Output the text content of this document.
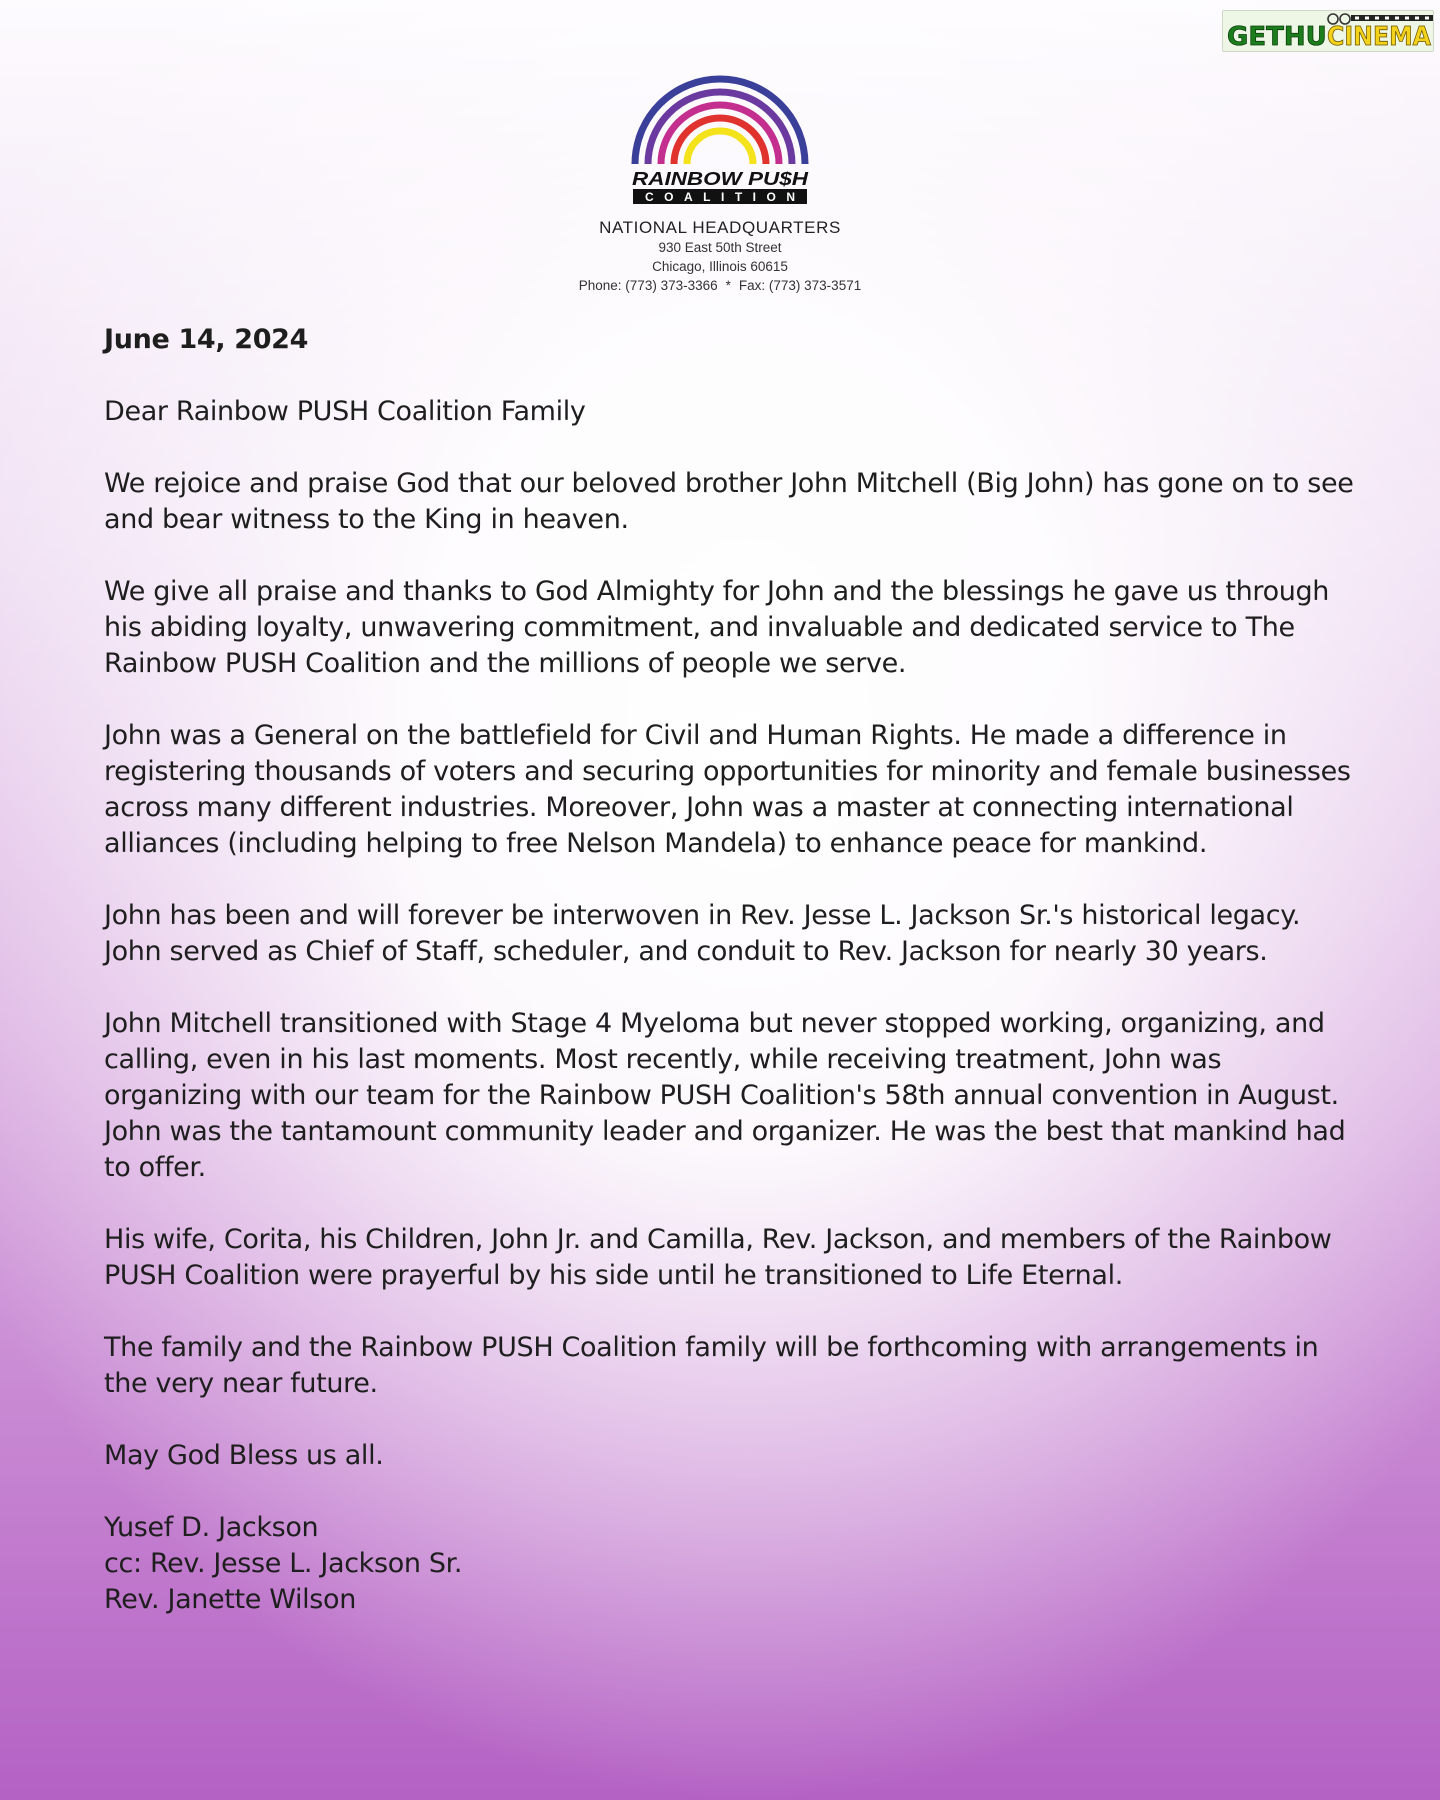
GETHU CINEMA
RAINBOW PU$H
COALITION
NATIONAL HEADQUARTERS
930 East 50th Street
Chicago, Illinois 60615
Phone: (773) 373-3366 * Fax: (773) 373-3571
June 14, 2024

Dear Rainbow PUSH Coalition Family

We rejoice and praise God that our beloved brother John Mitchell (Big John) has gone on to see and bear witness to the King in heaven.

We give all praise and thanks to God Almighty for John and the blessings he gave us through his abiding loyalty, unwavering commitment, and invaluable and dedicated service to The Rainbow PUSH Coalition and the millions of people we serve.

John was a General on the battlefield for Civil and Human Rights. He made a difference in registering thousands of voters and securing opportunities for minority and female businesses across many different industries. Moreover, John was a master at connecting international alliances (including helping to free Nelson Mandela) to enhance peace for mankind.

John has been and will forever be interwoven in Rev. Jesse L. Jackson Sr.'s historical legacy. John served as Chief of Staff, scheduler, and conduit to Rev. Jackson for nearly 30 years.

John Mitchell transitioned with Stage 4 Myeloma but never stopped working, organizing, and calling, even in his last moments. Most recently, while receiving treatment, John was organizing with our team for the Rainbow PUSH Coalition's 58th annual convention in August. John was the tantamount community leader and organizer. He was the best that mankind had to offer.

His wife, Corita, his Children, John Jr. and Camilla, Rev. Jackson, and members of the Rainbow PUSH Coalition were prayerful by his side until he transitioned to Life Eternal.

The family and the Rainbow PUSH Coalition family will be forthcoming with arrangements in the very near future.

May God Bless us all.

Yusef D. Jackson
cc: Rev. Jesse L. Jackson Sr.
Rev. Janette Wilson
